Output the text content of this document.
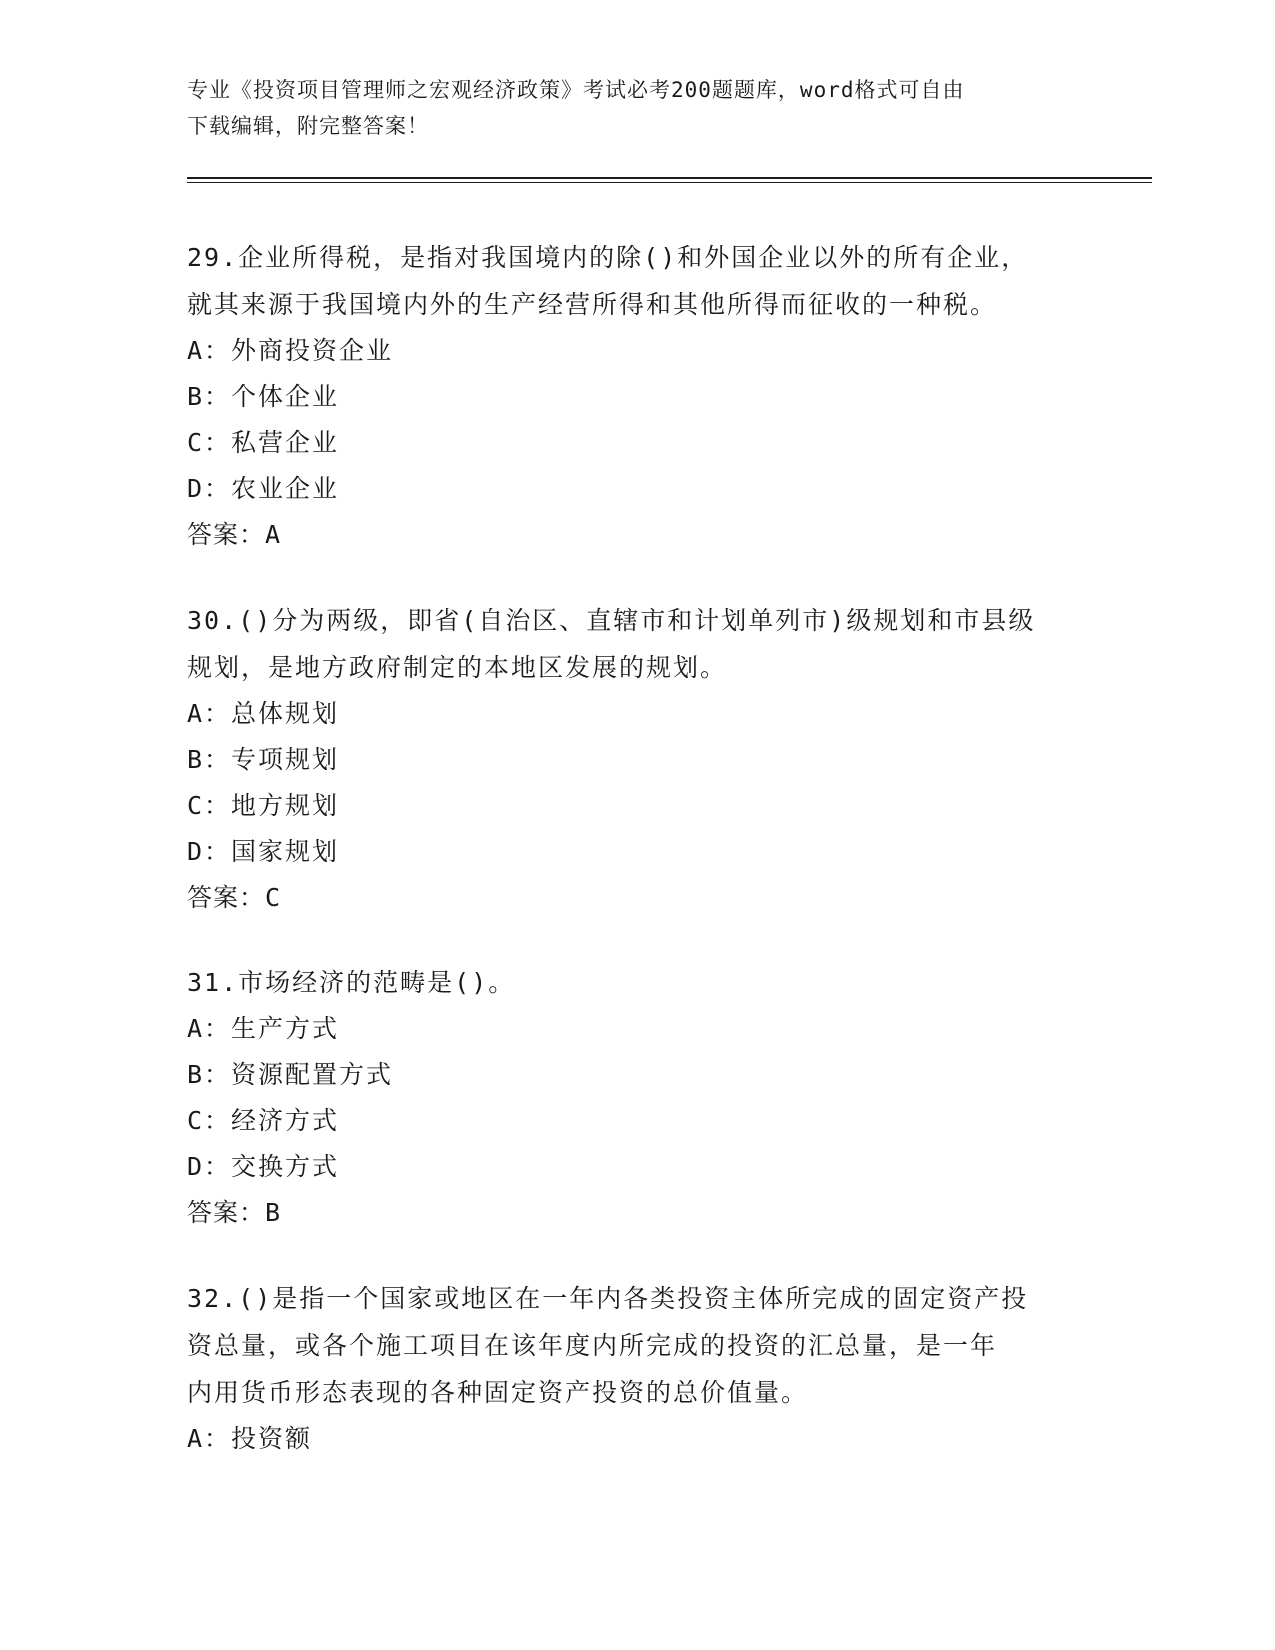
专业《投资项目管理师之宏观经济政策》考试必考200题题库，word格式可自由
下载编辑，附完整答案！

29.企业所得税，是指对我国境内的除()和外国企业以外的所有企业，

就其来源于我国境内外的生产经营所得和其他所得而征收的一种税。

A：外商投资企业

B：个体企业

C：私营企业

D：农业企业

答案：A

30.()分为两级，即省(自治区、直辖市和计划单列市)级规划和市县级

规划，是地方政府制定的本地区发展的规划。

A：总体规划

B：专项规划

C：地方规划

D：国家规划

答案：C

31.市场经济的范畴是()。

A：生产方式

B：资源配置方式

C：经济方式

D：交换方式

答案：B

32.()是指一个国家或地区在一年内各类投资主体所完成的固定资产投

资总量，或各个施工项目在该年度内所完成的投资的汇总量，是一年

内用货币形态表现的各种固定资产投资的总价值量。

A：投资额
